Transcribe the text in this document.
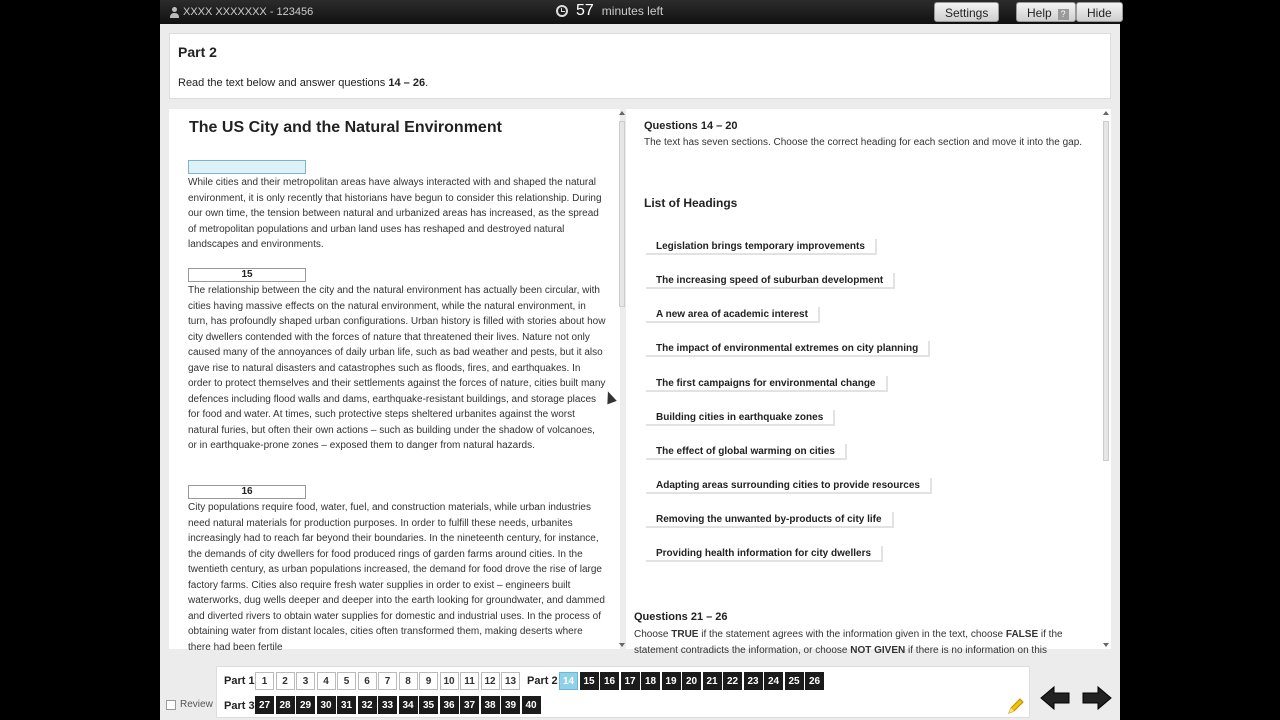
XXXX XXXXXXX - 123456	57 minutes left	Settings	Help ?	Hide
Part 2
Read the text below and answer questions 14 – 26.
The US City and the Natural Environment
While cities and their metropolitan areas have always interacted with and shaped the natural environment, it is only recently that historians have begun to consider this relationship. During our own time, the tension between natural and urbanized areas has increased, as the spread of metropolitan populations and urban land uses has reshaped and destroyed natural landscapes and environments.
15
The relationship between the city and the natural environment has actually been circular, with cities having massive effects on the natural environment, while the natural environment, in turn, has profoundly shaped urban configurations. Urban history is filled with stories about how city dwellers contended with the forces of nature that threatened their lives. Nature not only caused many of the annoyances of daily urban life, such as bad weather and pests, but it also gave rise to natural disasters and catastrophes such as floods, fires, and earthquakes. In order to protect themselves and their settlements against the forces of nature, cities built many defences including flood walls and dams, earthquake-resistant buildings, and storage places for food and water. At times, such protective steps sheltered urbanites against the worst natural furies, but often their own actions – such as building under the shadow of volcanoes, or in earthquake-prone zones – exposed them to danger from natural hazards.
16
City populations require food, water, fuel, and construction materials, while urban industries need natural materials for production purposes. In order to fulfill these needs, urbanites increasingly had to reach far beyond their boundaries. In the nineteenth century, for instance, the demands of city dwellers for food produced rings of garden farms around cities. In the twentieth century, as urban populations increased, the demand for food drove the rise of large factory farms. Cities also require fresh water supplies in order to exist – engineers built waterworks, dug wells deeper and deeper into the earth looking for groundwater, and dammed and diverted rivers to obtain water supplies for domestic and industrial uses. In the process of obtaining water from distant locales, cities often transformed them, making deserts where there had been fertile
Questions 14 – 20
The text has seven sections. Choose the correct heading for each section and move it into the gap.
List of Headings
Legislation brings temporary improvements
The increasing speed of suburban development
A new area of academic interest
The impact of environmental extremes on city planning
The first campaigns for environmental change
Building cities in earthquake zones
The effect of global warming on cities
Adapting areas surrounding cities to provide resources
Removing the unwanted by-products of city life
Providing health information for city dwellers
Questions 21 – 26
Choose TRUE if the statement agrees with the information given in the text, choose FALSE if the statement contradicts the information, or choose NOT GIVEN if there is no information on this
Review
Part 1 1	2	3	4	5	6	7	8	9	10 11 12 13 Part 2 14 15 16 17 18 19 20 21 22 23 24 25 26
Part 3 27 28 29 30 31 32 33 34 35 36 37 38 39 40
